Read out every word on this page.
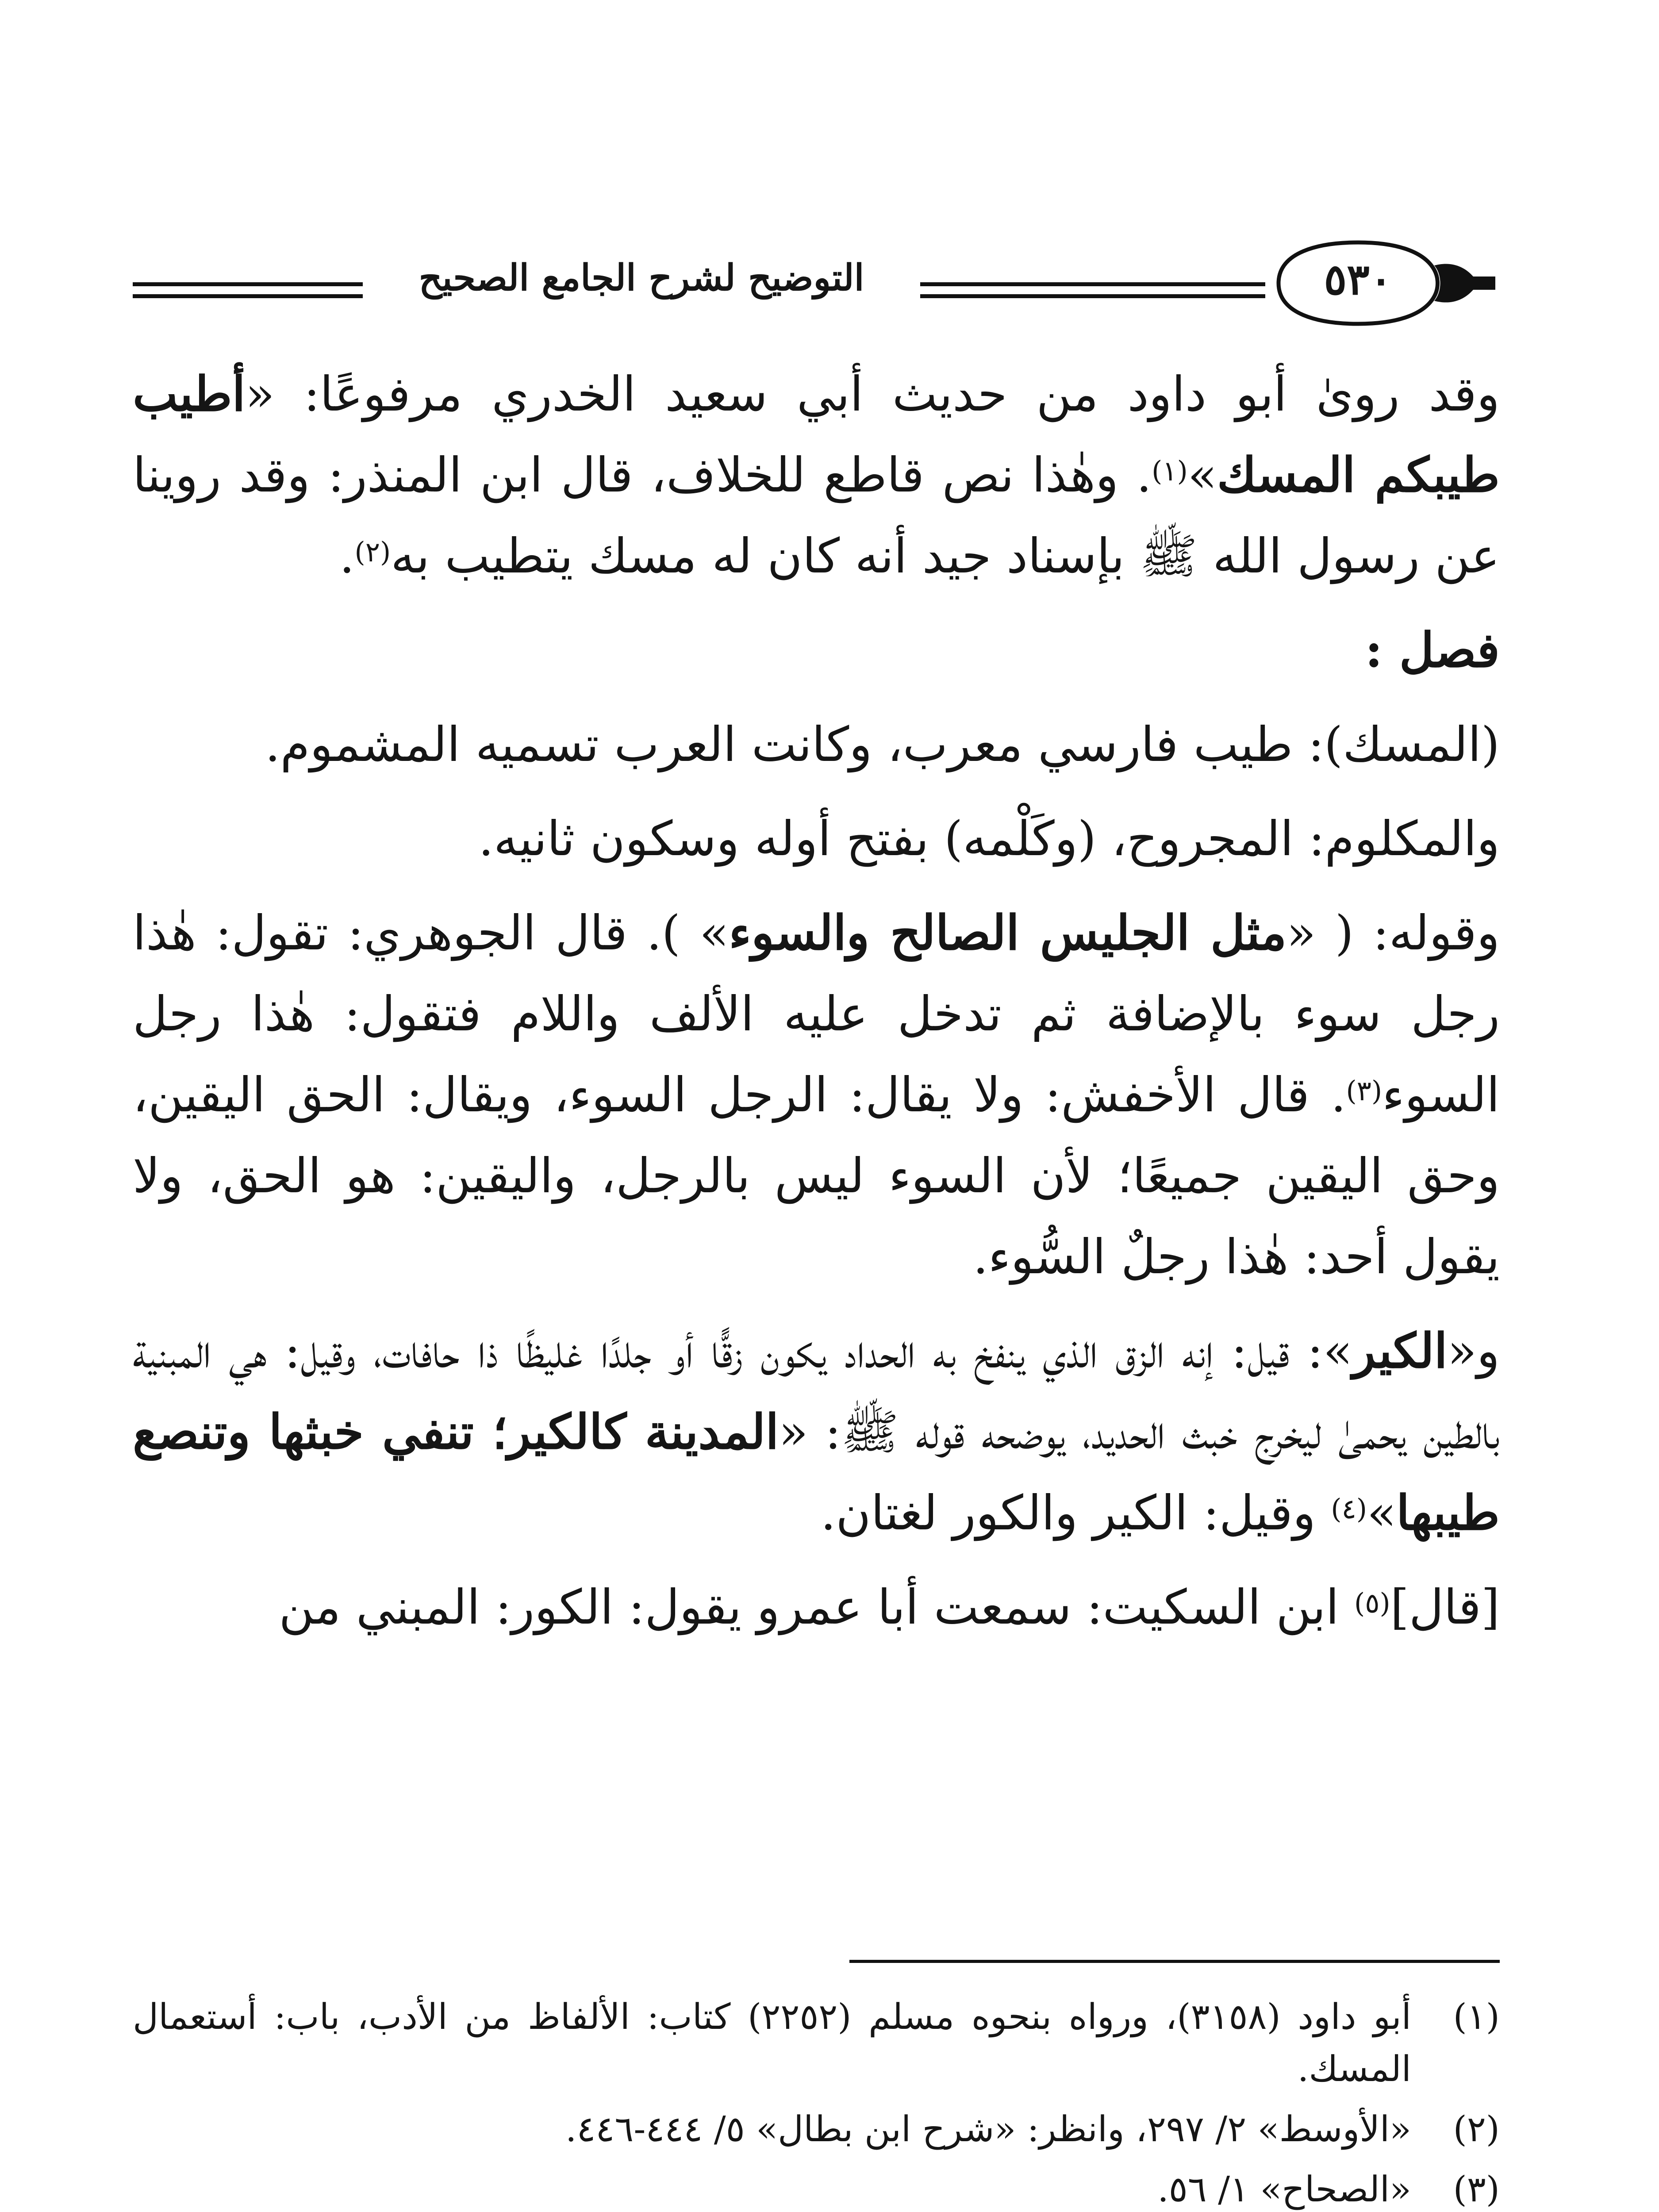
التوضيح لشرح الجامع الصحيح	٥٣٠

وقد رویٰ أبو داود من حديث أبي سعيد الخدري مرفوعًا: «أطيب طيبكم المسك»$^{(١)}$. وهٰذا نص قاطع للخلاف، قال ابن المنذر: وقد روينا عن رسول الله ﷺ بإسناد جيد أنه كان له مسك يتطيب به$^{(٢)}$.

فصل :

(المسك): طيب فارسي معرب، وكانت العرب تسميه المشموم.

والمكلوم: المجروح، (وكَلْمه) بفتح أوله وسكون ثانيه.

وقوله: ( «مثل الجليس الصالح والسوء» ). قال الجوهري: تقول: هٰذا رجل سوء بالإضافة ثم تدخل عليه الألف واللام فتقول: هٰذا رجل السوء$^{(٣)}$. قال الأخفش: ولا يقال: الرجل السوء، ويقال: الحق اليقين، وحق اليقين جميعًا؛ لأن السوء ليس بالرجل، واليقين: هو الحق، ولا يقول أحد: هٰذا رجلٌ السُّوء.

و«الكير»: قيل: إنه الزق الذي ينفخ به الحداد يكون زقًّا أو جلدًا غليظًا ذا حافات، وقيل: هي المبنية بالطين يحمیٰ ليخرج خبث الحديد، يوضحه قوله ﷺ: «المدينة كالكير؛ تنفي خبثها وتنصع طيبها»$^{(٤)}$ وقيل: الكير والكور لغتان.

[قال]$^{(٥)}$ ابن السكيت: سمعت أبا عمرو يقول: الكور: المبني من

(١)
أبو داود (٣١٥٨)، ورواه بنحوه مسلم (٢٢٥٢) كتاب: الألفاظ من الأدب، باب: أستعمال المسك.
(٢)
«الأوسط» ٢/ ٢٩٧، وانظر: «شرح ابن بطال» ٥/ ٤٤٤-٤٤٦.
(٣)
«الصحاح» ١/ ٥٦.
